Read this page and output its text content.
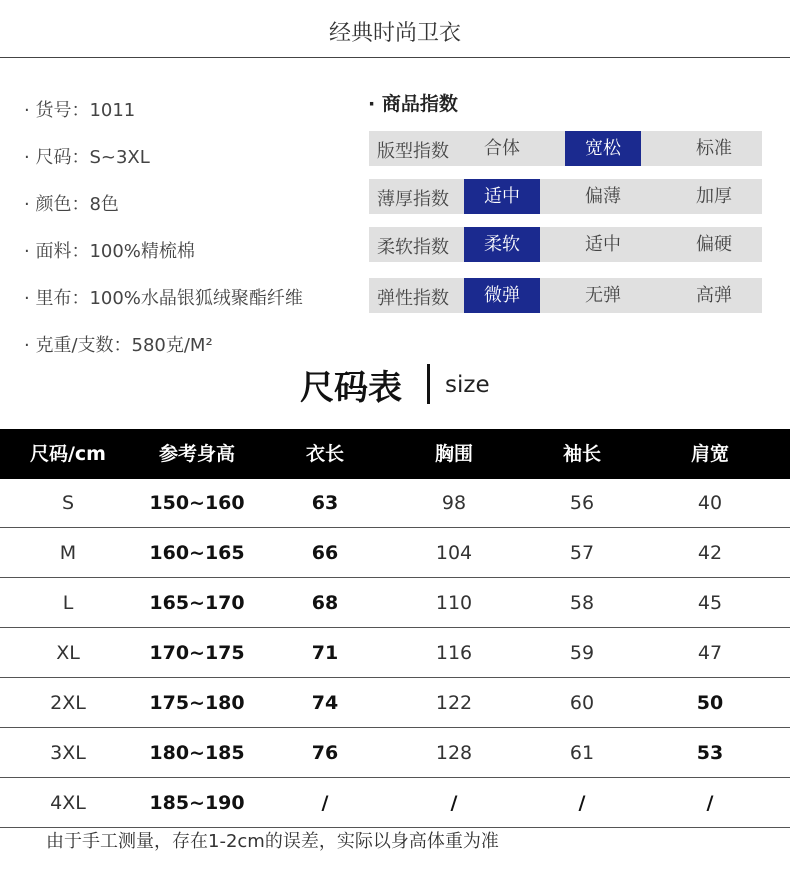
经典时尚卫衣
· 货号：1011
· 尺码：S~3XL
· 颜色：8色
· 面料：100%精梳棉
· 里布：100%水晶银狐绒聚酯纤维
· 克重/支数：580克/M²
· 商品指数
版型指数	合体	宽松	标准
薄厚指数	适中	偏薄	加厚
柔软指数	柔软	适中	偏硬
弹性指数	微弹	无弹	高弹
尺码表 size
尺码/cm	参考身高	衣长	胸围	袖长	肩宽
S	150~160	63	98	56	40
M	160~165	66	104	57	42
L	165~170	68	110	58	45
XL	170~175	71	116	59	47
2XL	175~180	74	122	60	50
3XL	180~185	76	128	61	53
4XL	185~190	/	/	/	/
由于手工测量，存在1-2cm的误差，实际以身高体重为准
